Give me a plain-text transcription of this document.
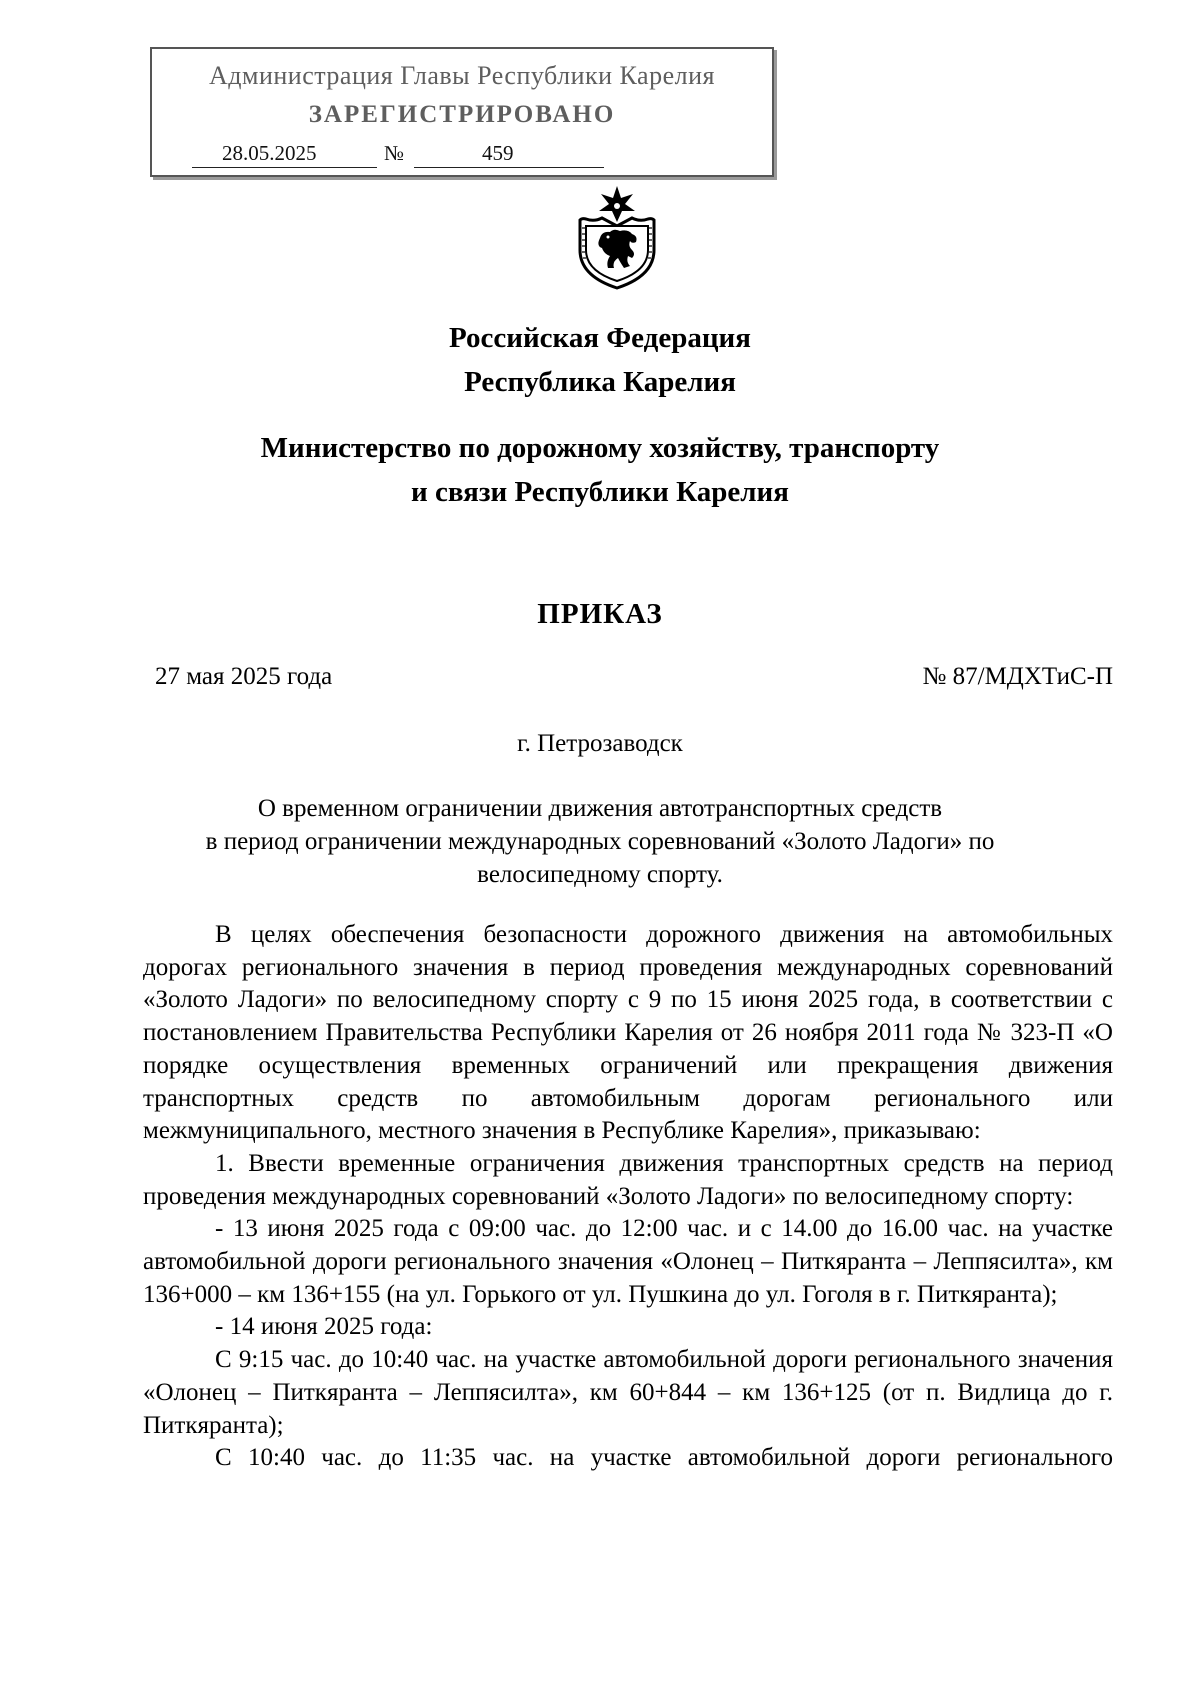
Администрация Главы Республики Карелия
ЗАРЕГИСТРИРОВАНО
28.05.2025	№	459
Российская Федерация
Республика Карелия
Министерство по дорожному хозяйству, транспорту
и связи Республики Карелия
ПРИКАЗ
27 мая 2025 года	№ 87/МДХТиС-П
г. Петрозаводск
О временном ограничении движения автотранспортных средств
в период ограничении международных соревнований «Золото Ладоги» по
велосипедному спорту.

В целях обеспечения безопасности дорожного движения на автомобильных дорогах регионального значения в период проведения международных соревнований «Золото Ладоги» по велосипедному спорту с 9 по 15 июня 2025 года, в соответствии с постановлением Правительства Республики Карелия от 26 ноября 2011 года № 323-П «О порядке осуществления временных ограничений или прекращения движения транспортных средств по автомобильным дорогам регионального или межмуниципального, местного значения в Республике Карелия», приказываю:

1. Ввести временные ограничения движения транспортных средств на период проведения международных соревнований «Золото Ладоги» по велосипедному спорту:

- 13 июня 2025 года с 09:00 час. до 12:00 час. и с 14.00 до 16.00 час. на участке автомобильной дороги регионального значения «Олонец – Питкяранта – Леппясилта», км 136+000 – км 136+155 (на ул. Горького от ул. Пушкина до ул. Гоголя в г. Питкяранта);

- 14 июня 2025 года:

С 9:15 час. до 10:40 час. на участке автомобильной дороги регионального значения «Олонец – Питкяранта – Леппясилта», км 60+844 – км 136+125 (от п. Видлица до г. Питкяранта);

С 10:40 час. до 11:35 час. на участке автомобильной дороги регионального
